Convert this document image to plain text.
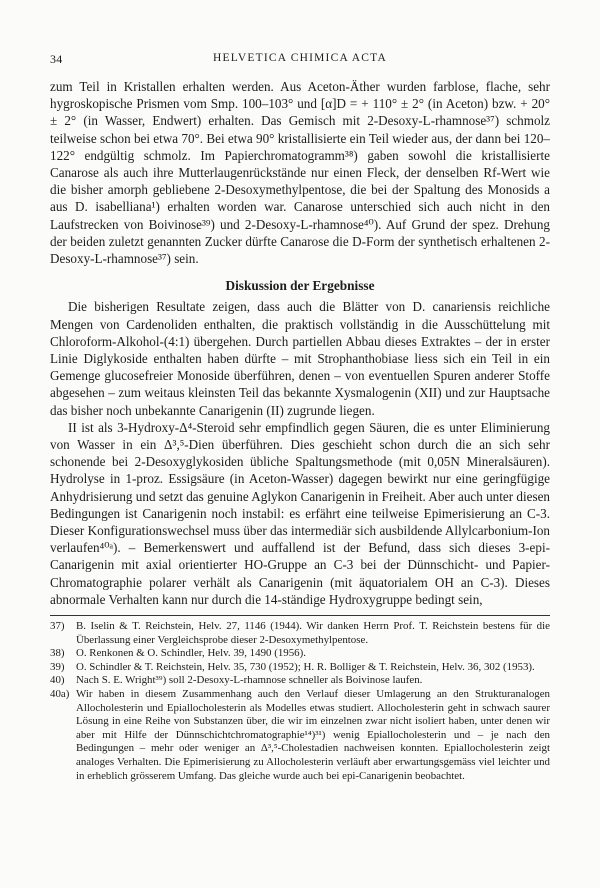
34	HELVETICA CHIMICA ACTA

zum Teil in Kristallen erhalten werden. Aus Aceton-Äther wurden farblose, flache, sehr hygroskopische Prismen vom Smp. 100–103° und [α]D = + 110° ± 2° (in Aceton) bzw. + 20° ± 2° (in Wasser, Endwert) erhalten. Das Gemisch mit 2-Desoxy-L-rhamnose³⁷) schmolz teilweise schon bei etwa 70°. Bei etwa 90° kristallisierte ein Teil wieder aus, der dann bei 120–122° endgültig schmolz. Im Papierchromatogramm³⁸) gaben sowohl die kristallisierte Canarose als auch ihre Mutterlaugenrückstände nur einen Fleck, der denselben Rf-Wert wie die bisher amorph gebliebene 2-Desoxymethylpentose, die bei der Spaltung des Monosids a aus D. isabelliana¹) erhalten worden war. Canarose unterschied sich auch nicht in den Laufstrecken von Boivinose³⁹) und 2-Desoxy-L-rhamnose⁴⁰). Auf Grund der spez. Drehung der beiden zuletzt genannten Zucker dürfte Canarose die D-Form der synthetisch erhaltenen 2-Desoxy-L-rhamnose³⁷) sein.

Diskussion der Ergebnisse

Die bisherigen Resultate zeigen, dass auch die Blätter von D. canariensis reichliche Mengen von Cardenoliden enthalten, die praktisch vollständig in die Ausschüttelung mit Chloroform-Alkohol-(4:1) übergehen. Durch partiellen Abbau dieses Extraktes – der in erster Linie Diglykoside enthalten haben dürfte – mit Strophanthobiase liess sich ein Teil in ein Gemenge glucosefreier Monoside überführen, denen – von eventuellen Spuren anderer Stoffe abgesehen – zum weitaus kleinsten Teil das bekannte Xysmalogenin (XII) und zur Hauptsache das bisher noch unbekannte Canarigenin (II) zugrunde liegen.

II ist als 3-Hydroxy-Δ⁴-Steroid sehr empfindlich gegen Säuren, die es unter Eliminierung von Wasser in ein Δ³,⁵-Dien überführen. Dies geschieht schon durch die an sich sehr schonende bei 2-Desoxyglykosiden übliche Spaltungsmethode (mit 0,05N Mineralsäuren). Hydrolyse in 1-proz. Essigsäure (in Aceton-Wasser) dagegen bewirkt nur eine geringfügige Anhydrisierung und setzt das genuine Aglykon Canarigenin in Freiheit. Aber auch unter diesen Bedingungen ist Canarigenin noch instabil: es erfährt eine teilweise Epimerisierung an C-3. Dieser Konfigurationswechsel muss über das intermediär sich ausbildende Allylcarbonium-Ion verlaufen⁴⁰ᵃ). – Bemerkenswert und auffallend ist der Befund, dass sich dieses 3-epi-Canarigenin mit axial orientierter HO-Gruppe an C-3 bei der Dünnschicht- und Papier-Chromatographie polarer verhält als Canarigenin (mit äquatorialem OH an C-3). Dieses abnormale Verhalten kann nur durch die 14-ständige Hydroxygruppe bedingt sein,

37)	B. Iselin & T. Reichstein, Helv. 27, 1146 (1944). Wir danken Herrn Prof. T. Reichstein bestens für die Überlassung einer Vergleichsprobe dieser 2-Desoxymethylpentose.
38)	O. Renkonen & O. Schindler, Helv. 39, 1490 (1956).
39)	O. Schindler & T. Reichstein, Helv. 35, 730 (1952); H. R. Bolliger & T. Reichstein, Helv. 36, 302 (1953).
40)	Nach S. E. Wright³⁹) soll 2-Desoxy-L-rhamnose schneller als Boivinose laufen.
40a) Wir haben in diesem Zusammenhang auch den Verlauf dieser Umlagerung an den Strukturanalogen Allocholesterin und Epiallocholesterin als Modelles etwas studiert. Allocholesterin geht in schwach saurer Lösung in eine Reihe von Substanzen über, die wir im einzelnen zwar nicht isoliert haben, unter denen wir aber mit Hilfe der Dünnschichtchromatographie¹⁴)³¹) wenig Epiallocholesterin und – je nach den Bedingungen – mehr oder weniger an Δ³,⁵-Cholestadien nachweisen konnten. Epiallocholesterin zeigt analoges Verhalten. Die Epimerisierung zu Allocholesterin verläuft aber erwartungsgemäss viel leichter und in erheblich grösserem Umfang. Das gleiche wurde auch bei epi-Canarigenin beobachtet.
